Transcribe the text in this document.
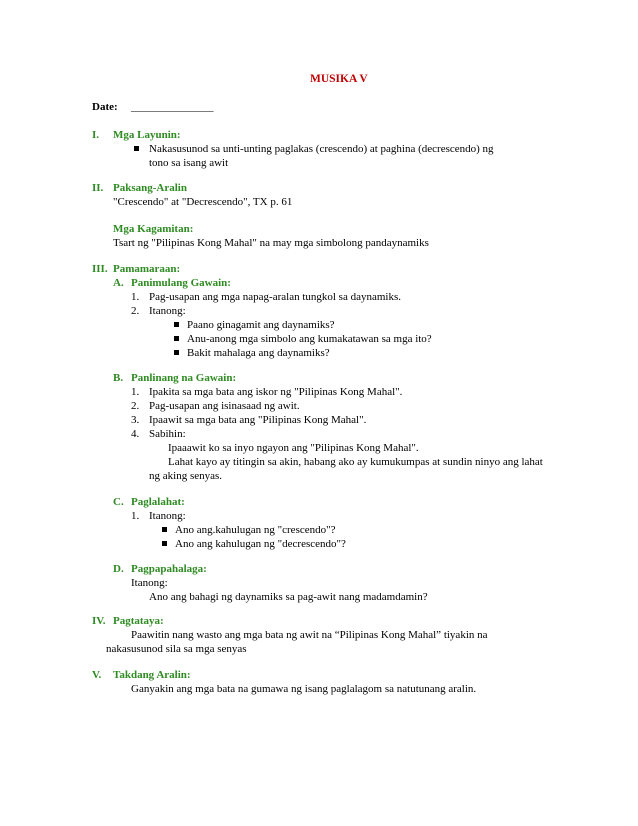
MUSIKA V
Date: _______________
I. Mga Layunin:
Nakasusunod sa unti-unting paglakas (crescendo) at paghina (decrescendo) ng
tono sa isang awit
II. Paksang-Aralin
"Crescendo" at "Decrescendo", TX p. 61
Mga Kagamitan:
Tsart ng "Pilipinas Kong Mahal" na may mga simbolong pandaynamiks
III. Pamamaraan:
A. Panimulang Gawain:
1. Pag-usapan ang mga napag-aralan tungkol sa daynamiks.
2. Itanong:
Paano ginagamit ang daynamiks?
Anu-anong mga simbolo ang kumakatawan sa mga ito?
Bakit mahalaga ang daynamiks?
B. Panlinang na Gawain:
1. Ipakita sa mga bata ang iskor ng "Pilipinas Kong Mahal".
2. Pag-usapan ang isinasaad ng awit.
3. Ipaawit sa mga bata ang "Pilipinas Kong Mahal".
4. Sabihin:
Ipaaawit ko sa inyo ngayon ang "Pilipinas Kong Mahal".
Lahat kayo ay titingin sa akin, habang ako ay kumukumpas at sundin ninyo ang lahat
ng aking senyas.
C. Paglalahat:
1. Itanong:
Ano ang.kahulugan ng "crescendo"?
Ano ang kahulugan ng "decrescendo"?
D. Pagpapahalaga:
Itanong:
Ano ang bahagi ng daynamiks sa pag-awit nang madamdamin?
IV. Pagtataya:
Paawitin nang wasto ang mga bata ng awit na “Pilipinas Kong Mahal” tiyakin na
nakasusunod sila sa mga senyas
V. Takdang Aralin:
Ganyakin ang mga bata na gumawa ng isang paglalagom sa natutunang aralin.
